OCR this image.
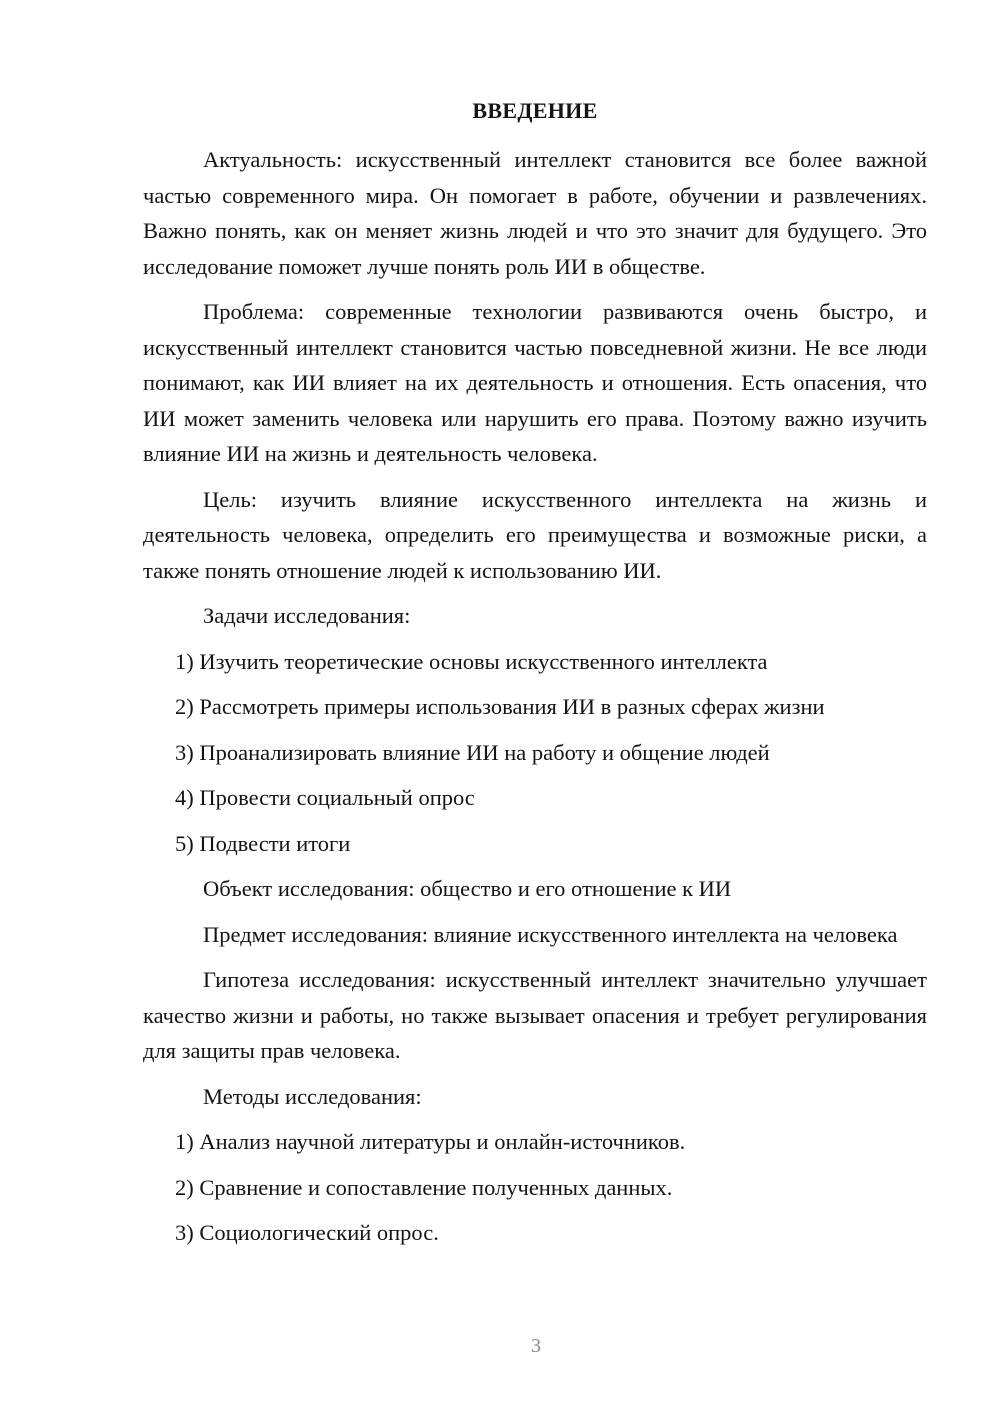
ВВЕДЕНИЕ

Актуальность: искусственный интеллект становится все более важной частью современного мира. Он помогает в работе, обучении и развлечениях. Важно понять, как он меняет жизнь людей и что это значит для будущего. Это исследование поможет лучше понять роль ИИ в обществе.

Проблема: современные технологии развиваются очень быстро, и искусственный интеллект становится частью повседневной жизни. Не все люди понимают, как ИИ влияет на их деятельность и отношения. Есть опасения, что ИИ может заменить человека или нарушить его права. Поэтому важно изучить влияние ИИ на жизнь и деятельность человека.

Цель: изучить влияние искусственного интеллекта на жизнь и деятельность человека, определить его преимущества и возможные риски, а также понять отношение людей к использованию ИИ.

Задачи исследования:

1) Изучить теоретические основы искусственного интеллекта
2) Рассмотреть примеры использования ИИ в разных сферах жизни
3) Проанализировать влияние ИИ на работу и общение людей
4) Провести социальный опрос
5) Подвести итоги

Объект исследования: общество и его отношение к ИИ

Предмет исследования: влияние искусственного интеллекта на человека

Гипотеза исследования: искусственный интеллект значительно улучшает качество жизни и работы, но также вызывает опасения и требует регулирования для защиты прав человека.

Методы исследования:

1) Анализ научной литературы и онлайн-источников.
2) Сравнение и сопоставление полученных данных.
3) Социологический опрос.
3
